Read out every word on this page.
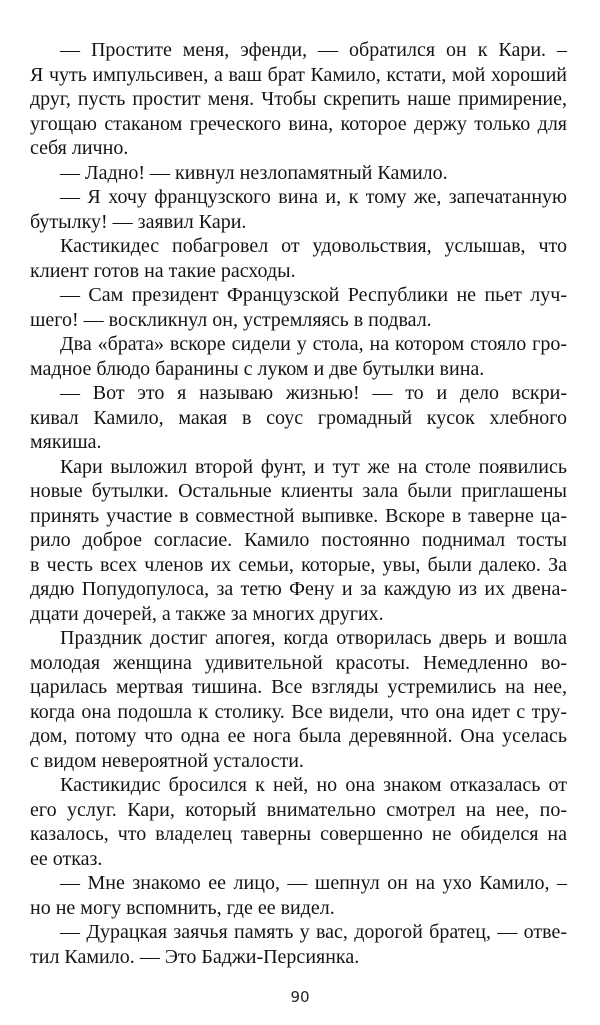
— Простите меня, эфенди, — обратился он к Кари. –
Я чуть импульсивен, а ваш брат Камило, кстати, мой хороший
друг, пусть простит меня. Чтобы скрепить наше примирение,
угощаю стаканом греческого вина, которое держу только для
себя лично.
— Ладно! — кивнул незлопамятный Камило.
— Я хочу французского вина и, к тому же, запечатанную
бутылку! — заявил Кари.
Кастикидес побагровел от удовольствия, услышав, что
клиент готов на такие расходы.
— Сам президент Французской Республики не пьет луч-
шего! — воскликнул он, устремляясь в подвал.
Два «брата» вскоре сидели у стола, на котором стояло гро-
мадное блюдо баранины с луком и две бутылки вина.
— Вот это я называю жизнью! — то и дело вскри-
кивал Камило, макая в соус громадный кусок хлебного
мякиша.
Кари выложил второй фунт, и тут же на столе появились
новые бутылки. Остальные клиенты зала были приглашены
принять участие в совместной выпивке. Вскоре в таверне ца-
рило доброе согласие. Камило постоянно поднимал тосты
в честь всех членов их семьи, которые, увы, были далеко. За
дядю Попудопулоса, за тетю Фену и за каждую из их двена-
дцати дочерей, а также за многих других.
Праздник достиг апогея, когда отворилась дверь и вошла
молодая женщина удивительной красоты. Немедленно во-
царилась мертвая тишина. Все взгляды устремились на нее,
когда она подошла к столику. Все видели, что она идет с тру-
дом, потому что одна ее нога была деревянной. Она уселась
с видом невероятной усталости.
Кастикидис бросился к ней, но она знаком отказалась от
его услуг. Кари, который внимательно смотрел на нее, по-
казалось, что владелец таверны совершенно не обиделся на
ее отказ.
— Мне знакомо ее лицо, — шепнул он на ухо Камило, –
но не могу вспомнить, где ее видел.
— Дурацкая заячья память у вас, дорогой братец, — отве-
тил Камило. — Это Баджи-Персиянка.
90
